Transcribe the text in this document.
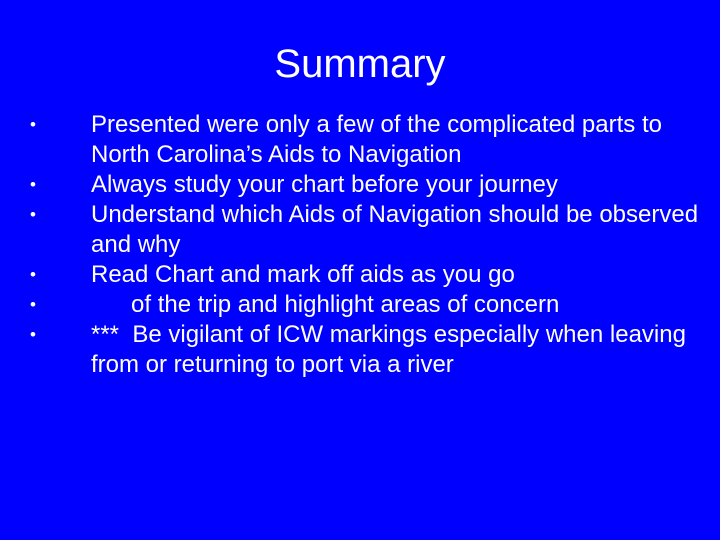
Summary
•	Presented were only a few of the complicated parts to North Carolina’s Aids to Navigation
•	Always study your chart before your journey
•	Understand which Aids of Navigation should be observed and why
•	Read Chart and mark off aids as you go
•	of the trip and highlight areas of concern
•	***  Be vigilant of ICW markings especially when leaving from or returning to port via a river
